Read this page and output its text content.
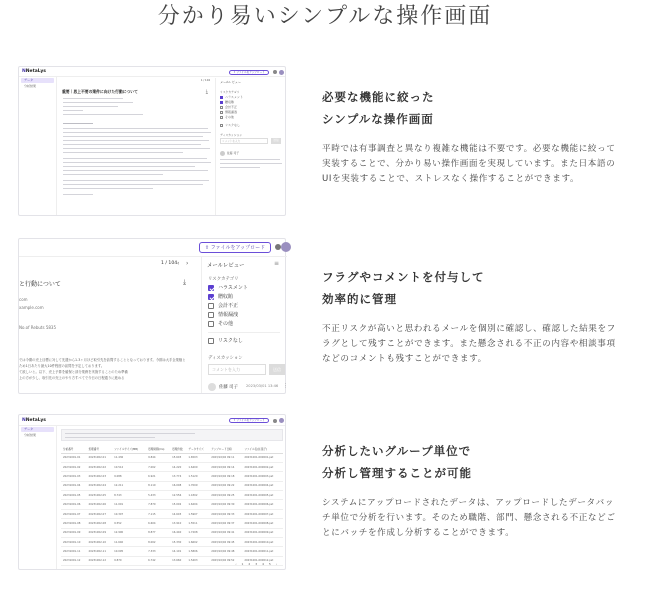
分かり易いシンプルな操作画面
NNetaLys	⇪ ファイルをアップロード
データ
分析結果
1 / 104
重要｜思上不要の案件に向けた行動について	⤓
メールレビュー
リスクカテゴリ
ハラスメント
贈収賄
会計不正
情報漏洩
その他
リスクなし
ディスカッション
コメントを入力	送信
佐藤 司子
必要な機能に絞った
シンプルな操作画面

平時では有事調査と異なり複雑な機能は不要です。必要な機能に絞って実装することで、分かり易い操作画面を実現しています。また日本語のUIを実装することで、ストレスなく操作することができます。

⇪ ファイルをアップロード
1 / 104 ‹ ›
と行動について	⤓
com
xample.com
No.of Rebuts 5835
では今期の売上目標に対して先週から1.3ヶ月ほど取引先を訪問することとなっております。今期は大手企業様と
ため1日あたり最大10件程度の訪問を予定しております。
て欲しいと。以下、売上予算を確保と部分業務を実施することのため準備
上の方が少し、取引先の売上のやり方すべてで今日の日程通りに進める
メールレビュー	≡
リスクカテゴリ
ハラスメント
贈収賄
会計不正
情報漏洩
その他
リスクなし
ディスカッション
コメントを入力	送信
佐藤 司子 2023/03/01 13:46 ⋮
フラグやコメントを付与して
効率的に管理

不正リスクが高いと思われるメールを個別に確認し、確認した結果をフラグとして残すことができます。また懸念される不正の内容や相談事項などのコメントも残すことができます。

NNetaLys	⇪ ファイルをアップロード
データ
分析結果
分析番号	処理番号	ファイルサイズ(MB)	処理時間(ms)	処理件数	データサイズ	アップロード日時	ファイル名(拡張子)
20231001-01	20231002-01	11.436	9.844	15.603	1.6503	2023/10/02 09:11	20231001-000001.pst
20231001-02	20231002-02	10.512	7.002	14.220	1.6400	2023/10/02 09:14	20231001-000002.pst
20231001-03	20231002-03	9.088	6.921	13.774	1.5120	2023/10/02 09:18	20231001-000003.pst
20231001-04	20231002-04	12.211	8.110	16.008	1.7009	2023/10/02 09:22	20231001-000004.pst
20231001-05	20231002-05	8.743	5.433	12.556	1.4302	2023/10/02 09:25	20231001-000005.pst
20231001-06	20231002-06	11.001	7.870	15.002	1.6204	2023/10/02 09:30	20231001-000006.pst
20231001-07	20231002-07	10.307	7.115	14.603	1.5907	2023/10/02 09:33	20231001-000007.pst
20231001-08	20231002-08	9.552	6.604	13.910	1.5511	2023/10/02 09:37	20231001-000008.pst
20231001-09	20231002-09	12.900	8.877	16.440	1.7208	2023/10/02 09:41	20231001-000009.pst
20231001-10	20231002-10	11.640	8.002	15.330	1.6602	2023/10/02 09:45	20231001-000010.pst
20231001-11	20231002-11	10.095	7.333	14.101	1.5806	2023/10/02 09:48	20231001-000011.pst
20231001-12	20231002-12	9.870	6.742	13.660	1.5403	2023/10/02 09:52	20231001-000012.pst
‹ 1 2 3 4 5 ›
分析したいグループ単位で
分析し管理することが可能

システムにアップロードされたデータは、アップロードしたデータバッチ単位で分析を行います。そのため職階、部門、懸念される不正などごとにバッチを作成し分析することができます。
